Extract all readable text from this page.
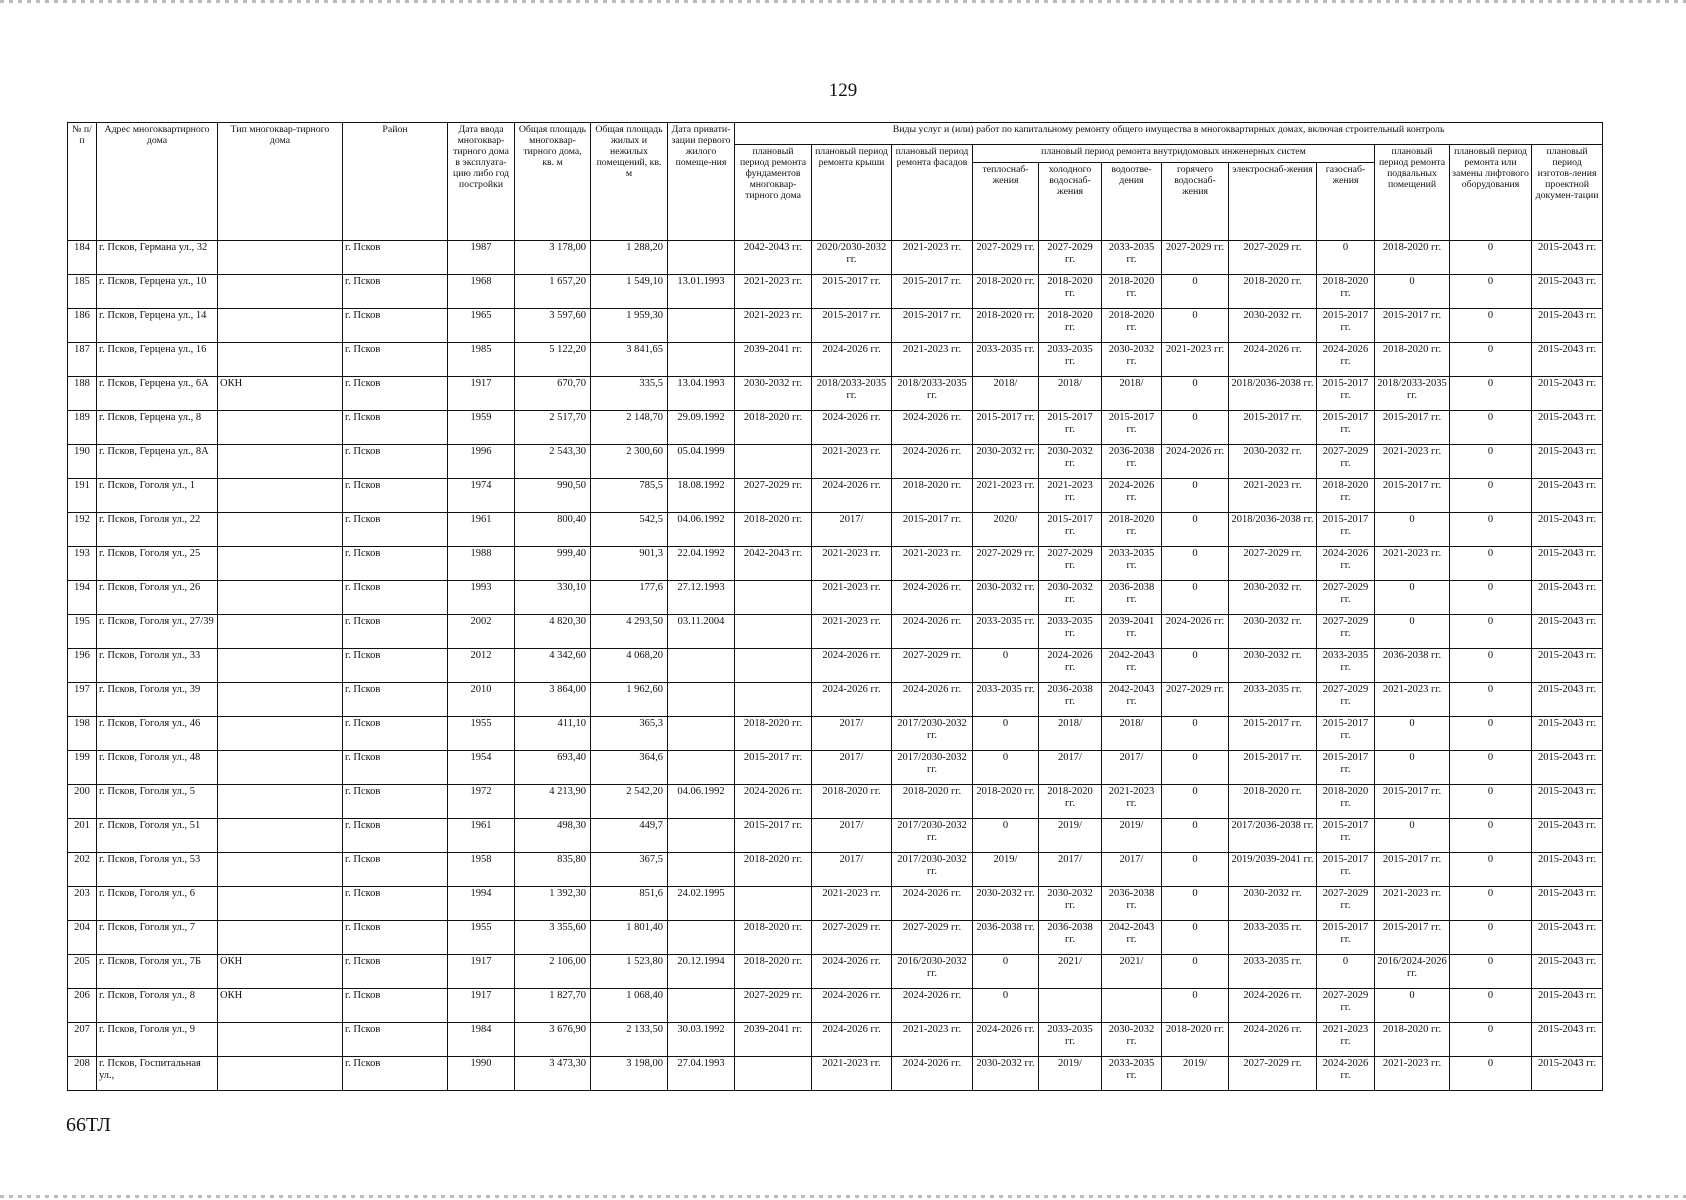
129
№ п/п	Адрес многоквартирного дома	Тип многоквар-тирного дома	Район	Дата ввода многоквар-тирного дома в эксплуата-цию либо год постройки	Общая площадь многоквар-тирного дома, кв. м	Общая площадь жилых и нежилых помещений, кв. м	Дата привати-зации первого жилого помеще-ния	Виды услуг и (или) работ по капитальному ремонту общего имущества в многоквартирных домах, включая строительный контроль											
								плановый период ремонта фундаментов многоквар-тирного дома	плановый период ремонта крыши	плановый период ремонта фасадов	плановый период ремонта внутридомовых инженерных систем						плановый период ремонта подвальных помещений	плановый период ремонта или замены лифтового оборудования	плановый период изготов-ления проектной докумен-тации
											теплоснаб-жения	холодного водоснаб-жения	водоотве-дения	горячего водоснаб-жения	электроснаб-жения	газоснаб-жения			
184	г. Псков, Германа ул., 32		г. Псков	1987	3 178,00	1 288,20		2042-2043 гг.	2020/2030-2032 гг.	2021-2023 гг.	2027-2029 гг.	2027-2029 гг.	2033-2035 гг.	2027-2029 гг.	2027-2029 гг.	0	2018-2020 гг.	0	2015-2043 гг.
185	г. Псков, Герцена ул., 10		г. Псков	1968	1 657,20	1 549,10	13.01.1993	2021-2023 гг.	2015-2017 гг.	2015-2017 гг.	2018-2020 гг.	2018-2020 гг.	2018-2020 гг.	0	2018-2020 гг.	2018-2020 гг.	0	0	2015-2043 гг.
186	г. Псков, Герцена ул., 14		г. Псков	1965	3 597,60	1 959,30		2021-2023 гг.	2015-2017 гг.	2015-2017 гг.	2018-2020 гг.	2018-2020 гг.	2018-2020 гг.	0	2030-2032 гг.	2015-2017 гг.	2015-2017 гг.	0	2015-2043 гг.
187	г. Псков, Герцена ул., 16		г. Псков	1985	5 122,20	3 841,65		2039-2041 гг.	2024-2026 гг.	2021-2023 гг.	2033-2035 гг.	2033-2035 гг.	2030-2032 гг.	2021-2023 гг.	2024-2026 гг.	2024-2026 гг.	2018-2020 гг.	0	2015-2043 гг.
188	г. Псков, Герцена ул., 6А	ОКН	г. Псков	1917	670,70	335,5	13.04.1993	2030-2032 гг.	2018/2033-2035 гг.	2018/2033-2035 гг.	2018/	2018/	2018/	0	2018/2036-2038 гг.	2015-2017 гг.	2018/2033-2035 гг.	0	2015-2043 гг.
189	г. Псков, Герцена ул., 8		г. Псков	1959	2 517,70	2 148,70	29.09.1992	2018-2020 гг.	2024-2026 гг.	2024-2026 гг.	2015-2017 гг.	2015-2017 гг.	2015-2017 гг.	0	2015-2017 гг.	2015-2017 гг.	2015-2017 гг.	0	2015-2043 гг.
190	г. Псков, Герцена ул., 8А		г. Псков	1996	2 543,30	2 300,60	05.04.1999		2021-2023 гг.	2024-2026 гг.	2030-2032 гг.	2030-2032 гг.	2036-2038 гг.	2024-2026 гг.	2030-2032 гг.	2027-2029 гг.	2021-2023 гг.	0	2015-2043 гг.
191	г. Псков, Гоголя ул., 1		г. Псков	1974	990,50	785,5	18.08.1992	2027-2029 гг.	2024-2026 гг.	2018-2020 гг.	2021-2023 гг.	2021-2023 гг.	2024-2026 гг.	0	2021-2023 гг.	2018-2020 гг.	2015-2017 гг.	0	2015-2043 гг.
192	г. Псков, Гоголя ул., 22		г. Псков	1961	800,40	542,5	04.06.1992	2018-2020 гг.	2017/	2015-2017 гг.	2020/	2015-2017 гг.	2018-2020 гг.	0	2018/2036-2038 гг.	2015-2017 гг.	0	0	2015-2043 гг.
193	г. Псков, Гоголя ул., 25		г. Псков	1988	999,40	901,3	22.04.1992	2042-2043 гг.	2021-2023 гг.	2021-2023 гг.	2027-2029 гг.	2027-2029 гг.	2033-2035 гг.	0	2027-2029 гг.	2024-2026 гг.	2021-2023 гг.	0	2015-2043 гг.
194	г. Псков, Гоголя ул., 26		г. Псков	1993	330,10	177,6	27.12.1993		2021-2023 гг.	2024-2026 гг.	2030-2032 гг.	2030-2032 гг.	2036-2038 гг.	0	2030-2032 гг.	2027-2029 гг.	0	0	2015-2043 гг.
195	г. Псков, Гоголя ул., 27/39		г. Псков	2002	4 820,30	4 293,50	03.11.2004		2021-2023 гг.	2024-2026 гг.	2033-2035 гг.	2033-2035 гг.	2039-2041 гг.	2024-2026 гг.	2030-2032 гг.	2027-2029 гг.	0	0	2015-2043 гг.
196	г. Псков, Гоголя ул., 33		г. Псков	2012	4 342,60	4 068,20			2024-2026 гг.	2027-2029 гг.	0	2024-2026 гг.	2042-2043 гг.	0	2030-2032 гг.	2033-2035 гг.	2036-2038 гг.	0	2015-2043 гг.
197	г. Псков, Гоголя ул., 39		г. Псков	2010	3 864,00	1 962,60			2024-2026 гг.	2024-2026 гг.	2033-2035 гг.	2036-2038 гг.	2042-2043 гг.	2027-2029 гг.	2033-2035 гг.	2027-2029 гг.	2021-2023 гг.	0	2015-2043 гг.
198	г. Псков, Гоголя ул., 46		г. Псков	1955	411,10	365,3		2018-2020 гг.	2017/	2017/2030-2032 гг.	0	2018/	2018/	0	2015-2017 гг.	2015-2017 гг.	0	0	2015-2043 гг.
199	г. Псков, Гоголя ул., 48		г. Псков	1954	693,40	364,6		2015-2017 гг.	2017/	2017/2030-2032 гг.	0	2017/	2017/	0	2015-2017 гг.	2015-2017 гг.	0	0	2015-2043 гг.
200	г. Псков, Гоголя ул., 5		г. Псков	1972	4 213,90	2 542,20	04.06.1992	2024-2026 гг.	2018-2020 гг.	2018-2020 гг.	2018-2020 гг.	2018-2020 гг.	2021-2023 гг.	0	2018-2020 гг.	2018-2020 гг.	2015-2017 гг.	0	2015-2043 гг.
201	г. Псков, Гоголя ул., 51		г. Псков	1961	498,30	449,7		2015-2017 гг.	2017/	2017/2030-2032 гг.	0	2019/	2019/	0	2017/2036-2038 гг.	2015-2017 гг.	0	0	2015-2043 гг.
202	г. Псков, Гоголя ул., 53		г. Псков	1958	835,80	367,5		2018-2020 гг.	2017/	2017/2030-2032 гг.	2019/	2017/	2017/	0	2019/2039-2041 гг.	2015-2017 гг.	2015-2017 гг.	0	2015-2043 гг.
203	г. Псков, Гоголя ул., 6		г. Псков	1994	1 392,30	851,6	24.02.1995		2021-2023 гг.	2024-2026 гг.	2030-2032 гг.	2030-2032 гг.	2036-2038 гг.	0	2030-2032 гг.	2027-2029 гг.	2021-2023 гг.	0	2015-2043 гг.
204	г. Псков, Гоголя ул., 7		г. Псков	1955	3 355,60	1 801,40		2018-2020 гг.	2027-2029 гг.	2027-2029 гг.	2036-2038 гг.	2036-2038 гг.	2042-2043 гг.	0	2033-2035 гг.	2015-2017 гг.	2015-2017 гг.	0	2015-2043 гг.
205	г. Псков, Гоголя ул., 7Б	ОКН	г. Псков	1917	2 106,00	1 523,80	20.12.1994	2018-2020 гг.	2024-2026 гг.	2016/2030-2032 гг.	0	2021/	2021/	0	2033-2035 гг.	0	2016/2024-2026 гг.	0	2015-2043 гг.
206	г. Псков, Гоголя ул., 8	ОКН	г. Псков	1917	1 827,70	1 068,40		2027-2029 гг.	2024-2026 гг.	2024-2026 гг.	0			0	2024-2026 гг.	2027-2029 гг.	0	0	2015-2043 гг.
207	г. Псков, Гоголя ул., 9		г. Псков	1984	3 676,90	2 133,50	30.03.1992	2039-2041 гг.	2024-2026 гг.	2021-2023 гг.	2024-2026 гг.	2033-2035 гг.	2030-2032 гг.	2018-2020 гг.	2024-2026 гг.	2021-2023 гг.	2018-2020 гг.	0	2015-2043 гг.
208	г. Псков, Госпитальная ул.,		г. Псков	1990	3 473,30	3 198,00	27.04.1993		2021-2023 гг.	2024-2026 гг.	2030-2032 гг.	2019/	2033-2035 гг.	2019/	2027-2029 гг.	2024-2026 гг.	2021-2023 гг.	0	2015-2043 гг.
66ТЛ
